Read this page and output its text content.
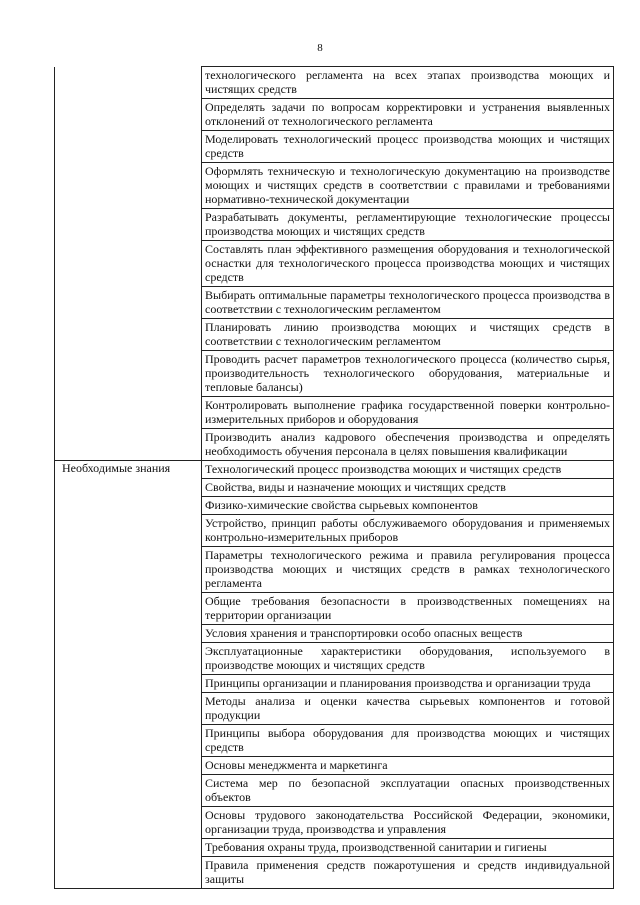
8
	технологического регламента на всех этапах производства моющих и чистящих средств
	Определять задачи по вопросам корректировки и устранения выявленных отклонений от технологического регламента
	Моделировать технологический процесс производства моющих и чистящих средств
	Оформлять техническую и технологическую документацию на производстве моющих и чистящих средств в соответствии с правилами и требованиями нормативно-технической документации
	Разрабатывать документы, регламентирующие технологические процессы производства моющих и чистящих средств
	Составлять план эффективного размещения оборудования и технологической оснастки для технологического процесса производства моющих и чистящих средств
	Выбирать оптимальные параметры технологического процесса производства в соответствии с технологическим регламентом
	Планировать линию производства моющих и чистящих средств в соответствии с технологическим регламентом
	Проводить расчет параметров технологического процесса (количество сырья, производительность технологического оборудования, материальные и тепловые балансы)
	Контролировать выполнение графика государственной поверки контрольно-измерительных приборов и оборудования
	Производить анализ кадрового обеспечения производства и определять необходимость обучения персонала в целях повышения квалификации

Необходимые знания	Технологический процесс производства моющих и чистящих средств
	Свойства, виды и назначение моющих и чистящих средств
	Физико-химические свойства сырьевых компонентов
	Устройство, принцип работы обслуживаемого оборудования и применяемых контрольно-измерительных приборов
	Параметры технологического режима и правила регулирования процесса производства моющих и чистящих средств в рамках технологического регламента
	Общие требования безопасности в производственных помещениях на территории организации
	Условия хранения и транспортировки особо опасных веществ
	Эксплуатационные характеристики оборудования, используемого в производстве моющих и чистящих средств
	Принципы организации и планирования производства и организации труда
	Методы анализа и оценки качества сырьевых компонентов и готовой продукции
	Принципы выбора оборудования для производства моющих и чистящих средств
	Основы менеджмента и маркетинга
	Система мер по безопасной эксплуатации опасных производственных объектов
	Основы трудового законодательства Российской Федерации, экономики, организации труда, производства и управления
	Требования охраны труда, производственной санитарии и гигиены
	Правила применения средств пожаротушения и средств индивидуальной защиты
